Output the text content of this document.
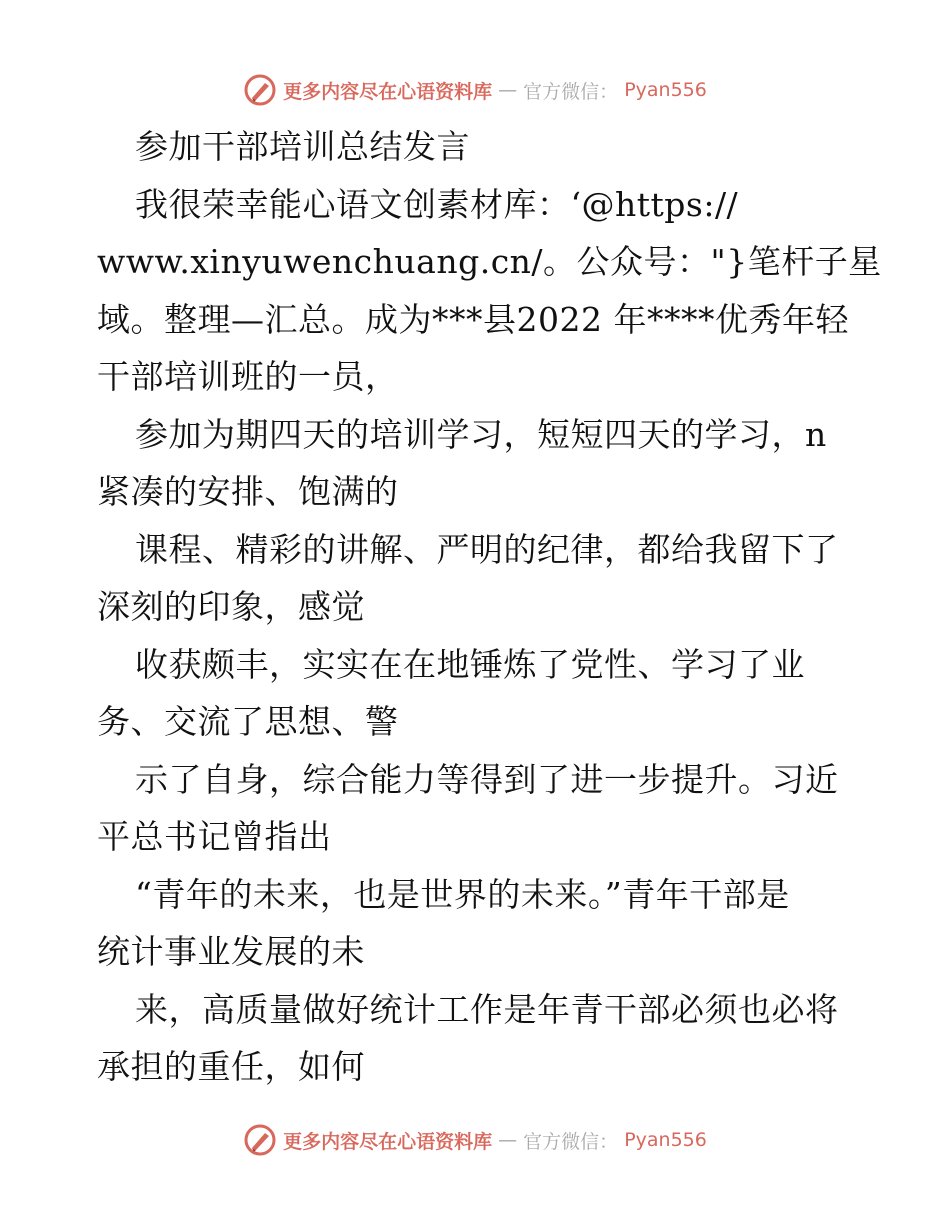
更多内容尽在心语资料库 — 官方微信： Pyan556
参加干部培训总结发言
我很荣幸能心语文创素材库：‘@https://
www.xinyuwenchuang.cn/。公众号："}笔杆子星
域。整理—汇总。成为***县2022 年****优秀年轻
干部培训班的一员，
参加为期四天的培训学习，短短四天的学习，n
紧凑的安排、饱满的
课程、精彩的讲解、严明的纪律，都给我留下了
深刻的印象，感觉
收获颇丰，实实在在地锤炼了党性、学习了业
务、交流了思想、警
示了自身，综合能力等得到了进一步提升。习近
平总书记曾指出
“青年的未来，也是世界的未来。”青年干部是
统计事业发展的未
来，高质量做好统计工作是年青干部必须也必将
承担的重任，如何
更多内容尽在心语资料库 — 官方微信： Pyan556
